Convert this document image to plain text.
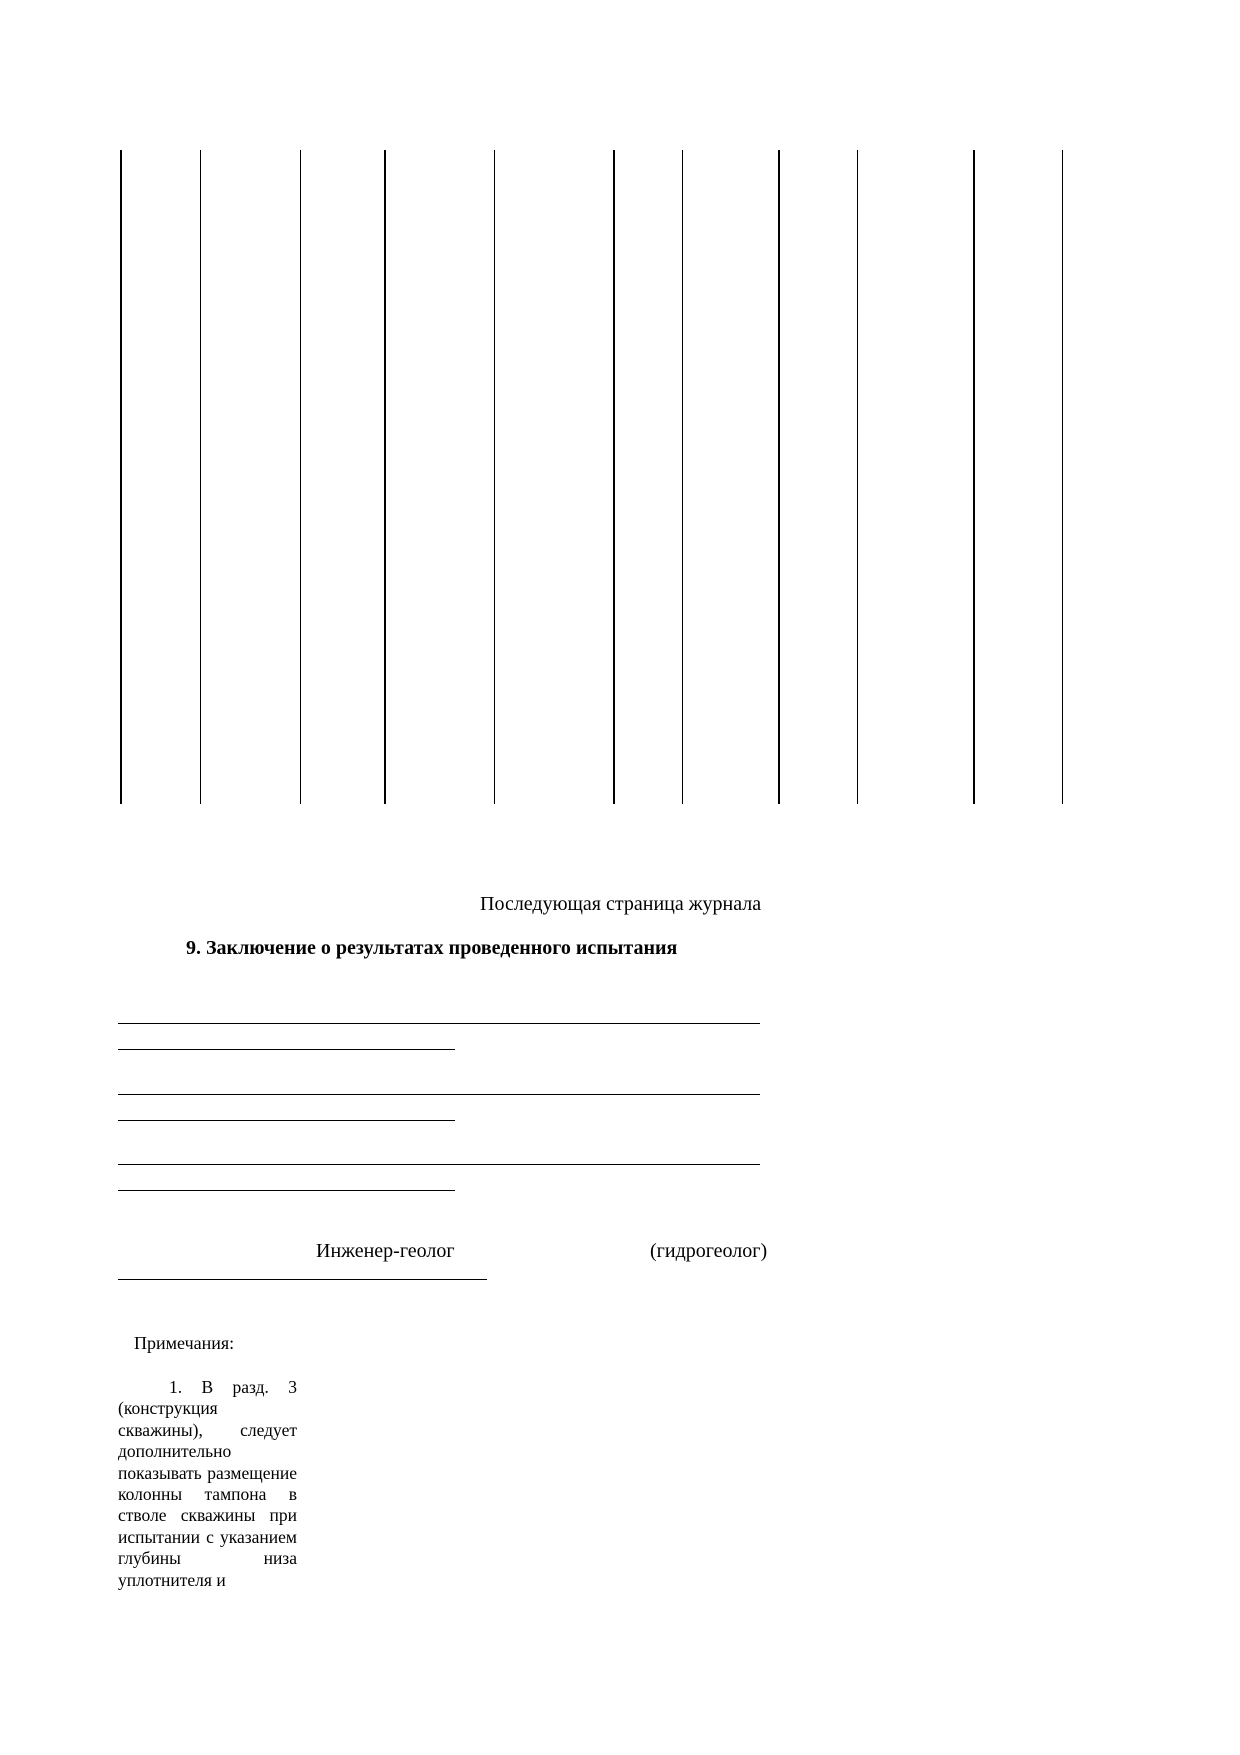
Последующая страница журнала
9. Заключение о результатах проведенного испытания
Инженер-геолог	(гидрогеолог)
Примечания:
1. В разд. 3 (конструкция скважины), следует дополнительно показывать размещение колонны тампона в стволе скважины при испытании с указанием глубины низа уплотнителя и
